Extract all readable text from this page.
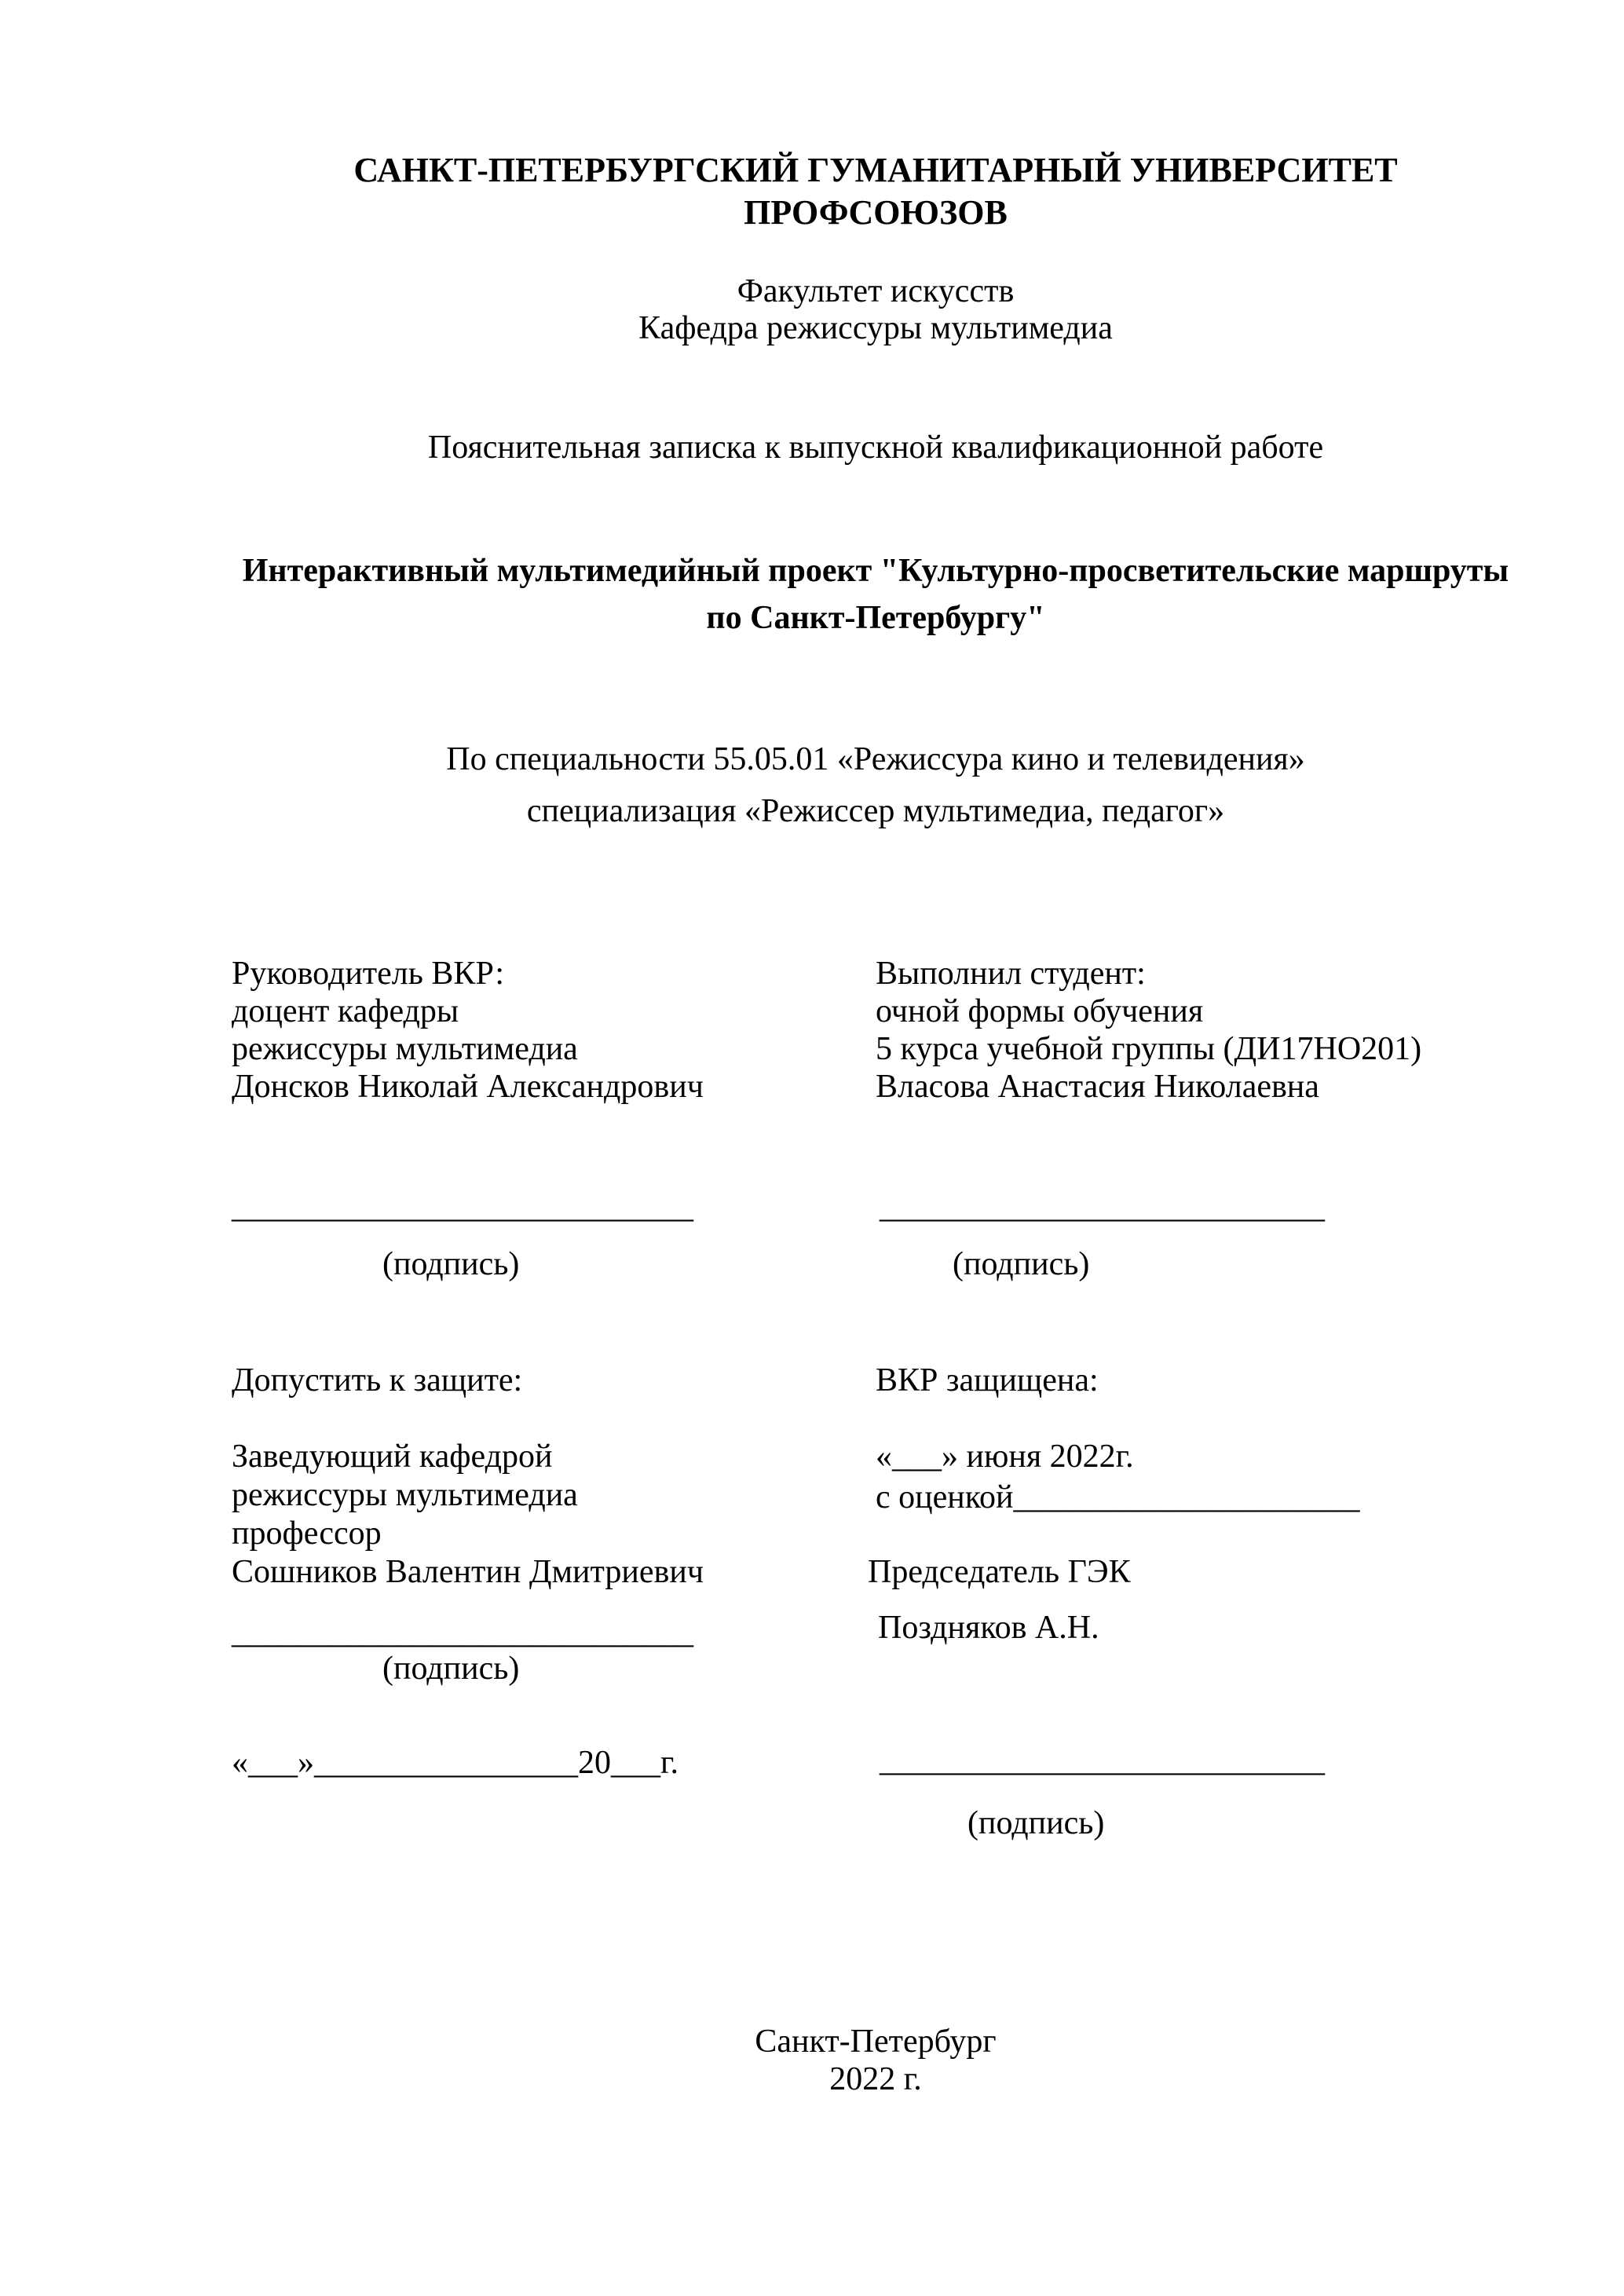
САНКТ-ПЕТЕРБУРГСКИЙ ГУМАНИТАРНЫЙ УНИВЕРСИТЕТ ПРОФСОЮЗОВ
Факультет искусств
Кафедра режиссуры мультимедиа
Пояснительная записка к выпускной квалификационной работе
Интерактивный мультимедийный проект "Культурно-просветительские маршруты
по Санкт-Петербургу"
По специальности 55.05.01 «Режиссура кино и телевидения»
специализация «Режиссер мультимедиа, педагог»
Руководитель ВКР:
доцент кафедры
режиссуры мультимедиа
Донсков Николай Александрович
Выполнил студент:
очной формы обучения
5 курса учебной группы (ДИ17НО201)
Власова Анастасия Николаевна
____________________________	___________________________
(подпись)	(подпись)
Допустить к защите:	ВКР защищена:
Заведующий кафедрой
режиссуры мультимедиа
профессор
Сошников Валентин Дмитриевич
«___» июня 2022г.
с оценкой_____________________
Председатель ГЭК
Поздняков А.Н.
____________________________
(подпись)
«___»________________20___г.	___________________________
(подпись)
Санкт-Петербург
2022 г.
